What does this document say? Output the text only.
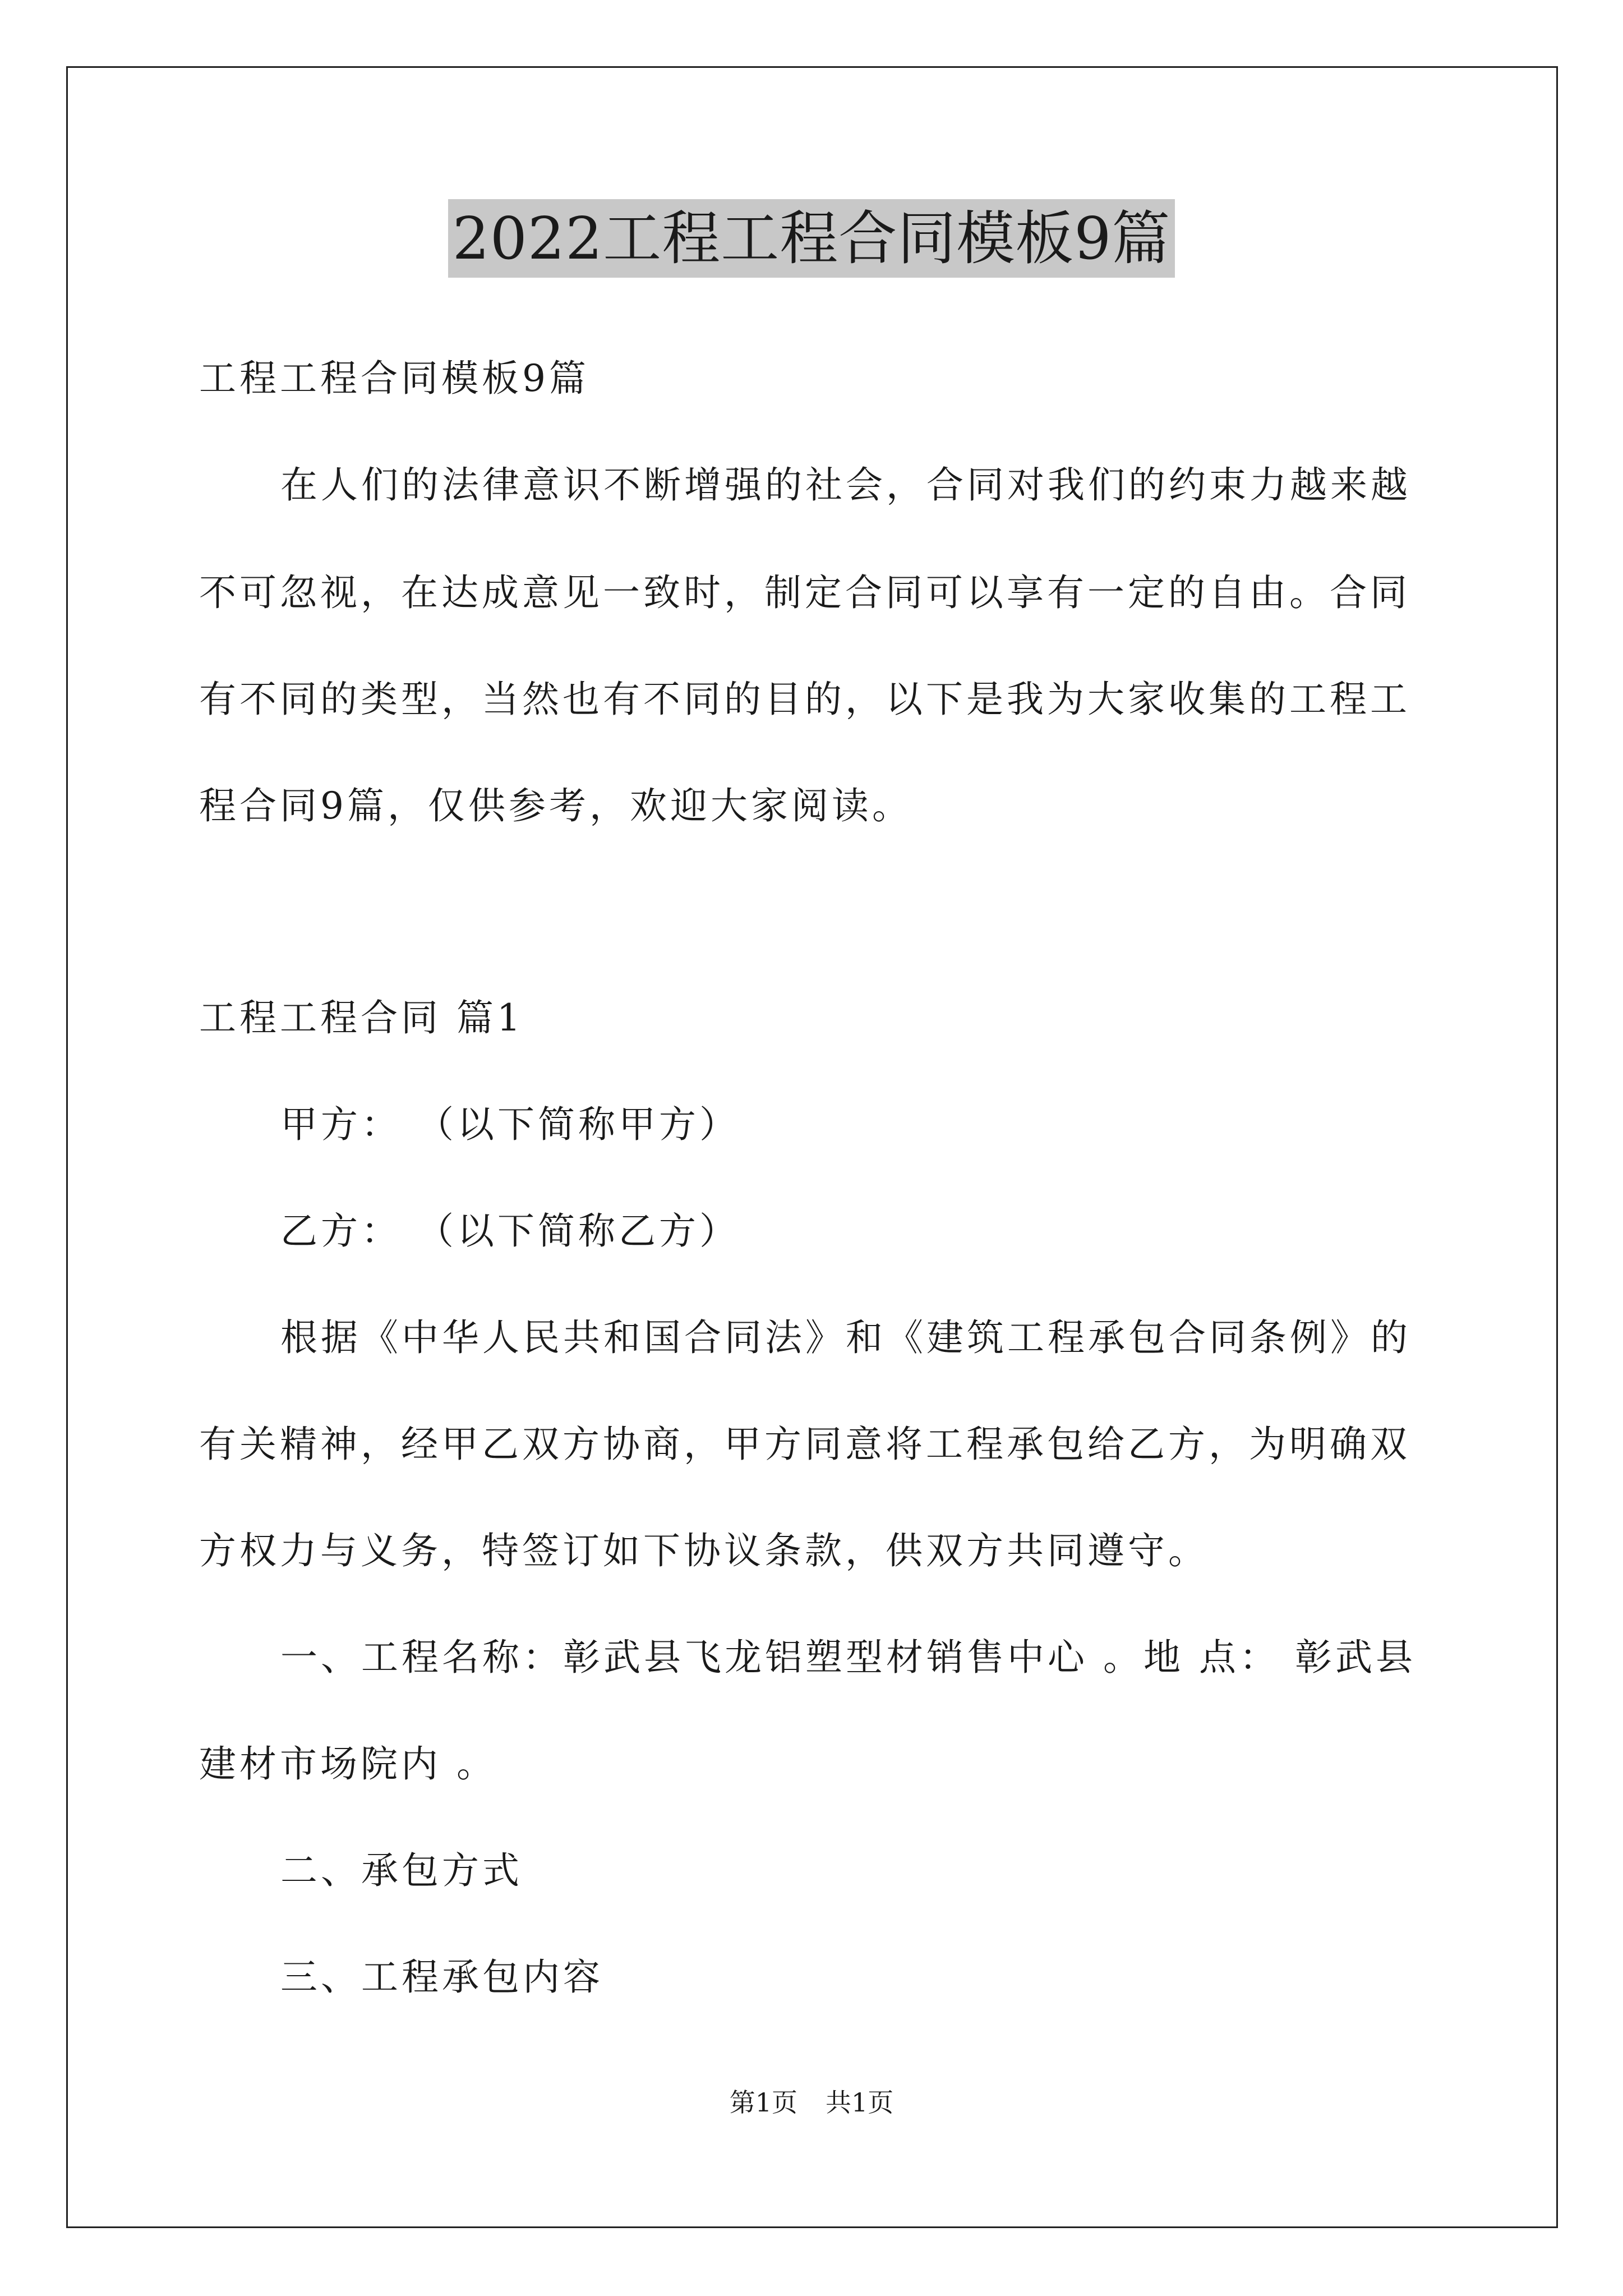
2022工程工程合同模板9篇
工程工程合同模板9篇
在人们的法律意识不断增强的社会，合同对我们的约束力越来越
不可忽视，在达成意见一致时，制定合同可以享有一定的自由。合同
有不同的类型，当然也有不同的目的，以下是我为大家收集的工程工
程合同9篇，仅供参考，欢迎大家阅读。
工程工程合同 篇1
甲方： （以下简称甲方）
乙方： （以下简称乙方）
根据《中华人民共和国合同法》和《建筑工程承包合同条例》的
有关精神，经甲乙双方协商，甲方同意将工程承包给乙方，为明确双
方权力与义务，特签订如下协议条款，供双方共同遵守。
一、工程名称：彰武县飞龙铝塑型材销售中心 。地 点： 彰武县
建材市场院内 。
二、承包方式
三、工程承包内容
第1页 共1页
